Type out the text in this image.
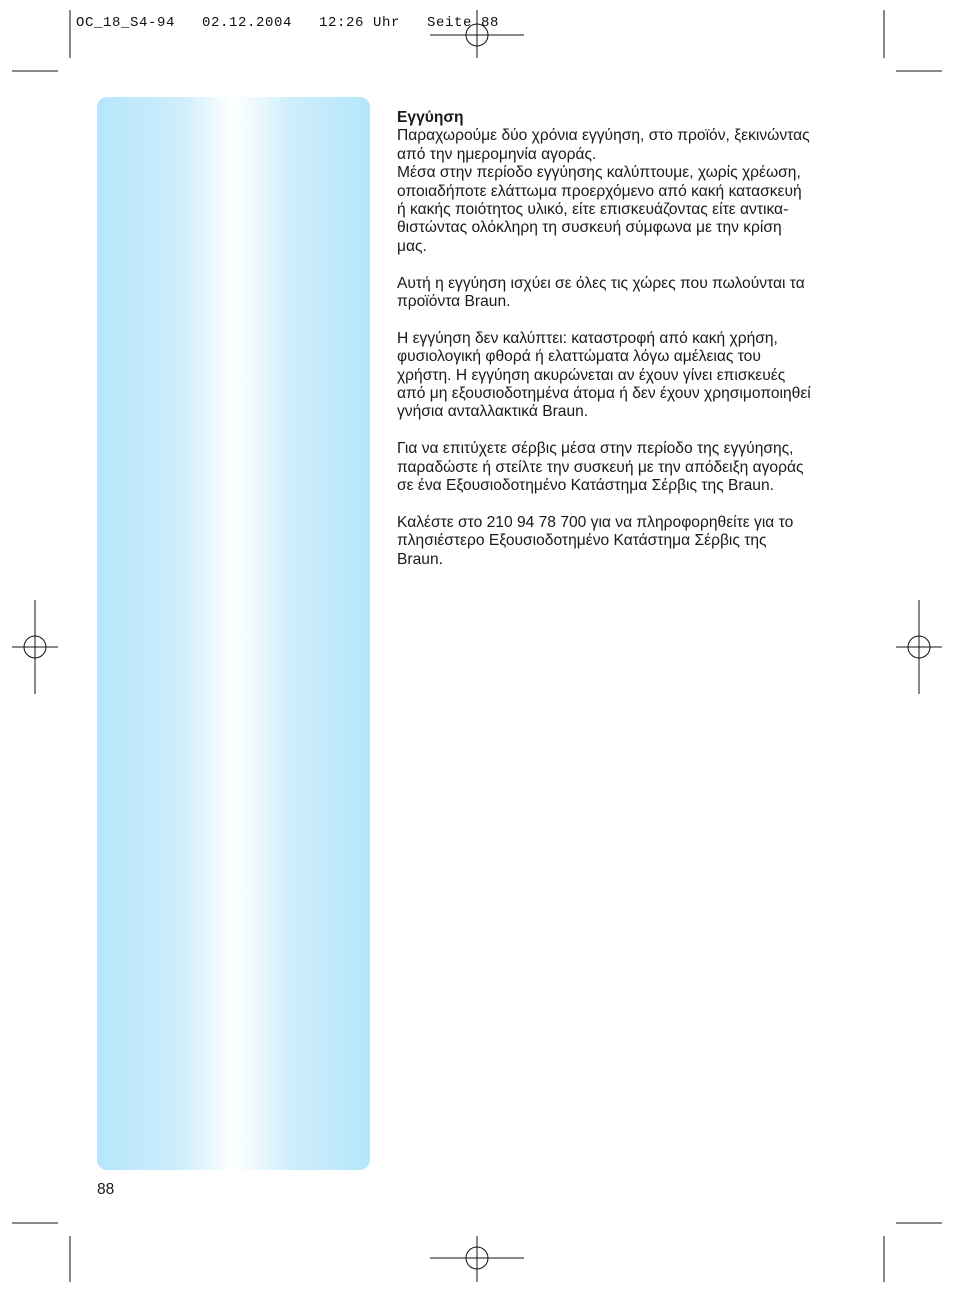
OC_18_S4-94   02.12.2004   12:26 Uhr   Seite 88
Εγγύηση

Παραχωρούμε δύο χρόνια εγγύηση, στο προϊόν, ξεκινώντας
από την ημερομηνία αγοράς.
Μέσα στην περίοδο εγγύησης καλύπτουμε, χωρίς χρέωση,
οποιαδήποτε ελάττωμα προερχόμενο από κακή κατασκευή
ή κακής ποιότητος υλικό, είτε επισκευάζοντας είτε αντικα-
θιστώντας ολόκληρη τη συσκευή σύμφωνα με την κρίση
μας.

Αυτή η εγγύηση ισχύει σε όλες τις χώρες που πωλούνται τα
προϊόντα Braun.

Η εγγύηση δεν καλύπτει: καταστροφή από κακή χρήση,
φυσιολογική φθορά ή ελαττώματα λόγω αμέλειας του
χρήστη. Η εγγύηση ακυρώνεται αν έχουν γίνει επισκευές
από μη εξουσιοδοτημένα άτομα ή δεν έχουν χρησιμοποιηθεί
γνήσια ανταλλακτικά Braun.

Για να επιτύχετε σέρβις μέσα στην περίοδο της εγγύησης,
παραδώστε ή στείλτε την συσκευή με την απόδειξη αγοράς
σε ένα Εξουσιοδοτημένο Κατάστημα Σέρβις της Braun.

Καλέστε στο 210 94 78 700 για να πληροφορηθείτε για το
πλησιέστερο Εξουσιοδοτημένο Κατάστημα Σέρβις της
Braun.

88
